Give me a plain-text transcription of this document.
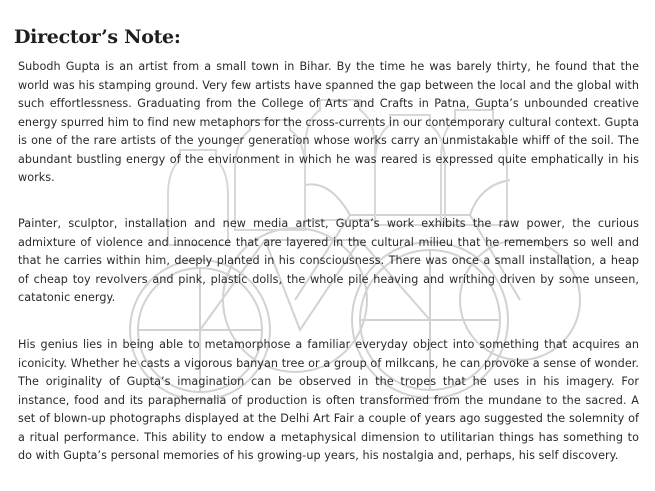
Director’s Note:

Subodh Gupta is an artist from a small town in Bihar. By the time he was barely thirty, he found that the world was his stamping ground. Very few artists have spanned the gap between the local and the global with such effortlessness. Graduating from the College of Arts and Crafts in Patna, Gupta’s unbounded creative energy spurred him to find new metaphors for the cross-currents in our contemporary cultural context. Gupta is one of the rare artists of the younger generation whose works carry an unmistakable whiff of the soil. The abundant bustling energy of the environment in which he was reared is expressed quite emphatically in his works.

Painter, sculptor, installation and new media artist, Gupta’s work exhibits the raw power, the curious admixture of violence and innocence that are layered in the cultural milieu that he remembers so well and that he carries within him, deeply planted in his consciousness. There was once a small installation, a heap of cheap toy revolvers and pink, plastic dolls, the whole pile heaving and writhing driven by some unseen, catatonic energy.

His genius lies in being able to metamorphose a familiar everyday object into something that acquires an iconicity. Whether he casts a vigorous banyan tree or a group of milkcans, he can provoke a sense of wonder. The originality of Gupta’s imagination can be observed in the tropes that he uses in his imagery. For instance, food and its paraphernalia of production is often transformed from the mundane to the sacred. A set of blown-up photographs displayed at the Delhi Art Fair a couple of years ago suggested the solemnity of a ritual performance. This ability to endow a metaphysical dimension to utilitarian things has something to do with Gupta’s personal memories of his growing-up years, his nostalgia and, perhaps, his self discovery.
